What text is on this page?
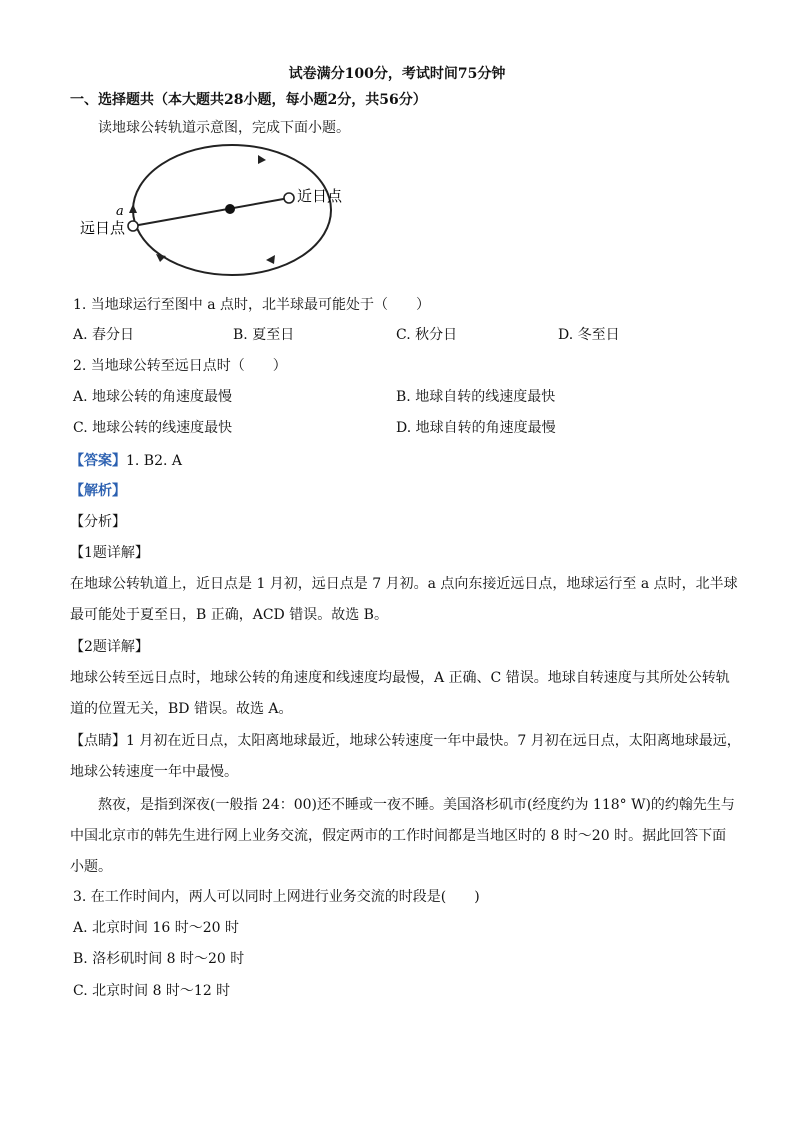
试卷满分100分，考试时间75分钟
一、选择题共（本大题共28小题，每小题2分，共56分）
读地球公转轨道示意图，完成下面小题。
a
近日点
远日点
1. 当地球运行至图中 a 点时，北半球最可能处于（　　）
A. 春分日	B. 夏至日	C. 秋分日	D. 冬至日
2. 当地球公转至远日点时（　　）
A. 地球公转的角速度最慢	B. 地球自转的线速度最快
C. 地球公转的线速度最快	D. 地球自转的角速度最慢
【答案】1. B2. A
【解析】
【分析】
【1题详解】
在地球公转轨道上，近日点是 1 月初，远日点是 7 月初。a 点向东接近远日点，地球运行至 a 点时，北半球
最可能处于夏至日，B 正确，ACD 错误。故选 B。
【2题详解】
地球公转至远日点时，地球公转的角速度和线速度均最慢，A 正确、C 错误。地球自转速度与其所处公转轨
道的位置无关，BD 错误。故选 A。
【点睛】1 月初在近日点，太阳离地球最近，地球公转速度一年中最快。7 月初在远日点，太阳离地球最远，
地球公转速度一年中最慢。
熬夜，是指到深夜(一般指 24：00)还不睡或一夜不睡。美国洛杉矶市(经度约为 118° W)的约翰先生与
中国北京市的韩先生进行网上业务交流，假定两市的工作时间都是当地区时的 8 时～20 时。据此回答下面
小题。
3. 在工作时间内，两人可以同时上网进行业务交流的时段是(　　)
A. 北京时间 16 时～20 时
B. 洛杉矶时间 8 时～20 时
C. 北京时间 8 时～12 时
